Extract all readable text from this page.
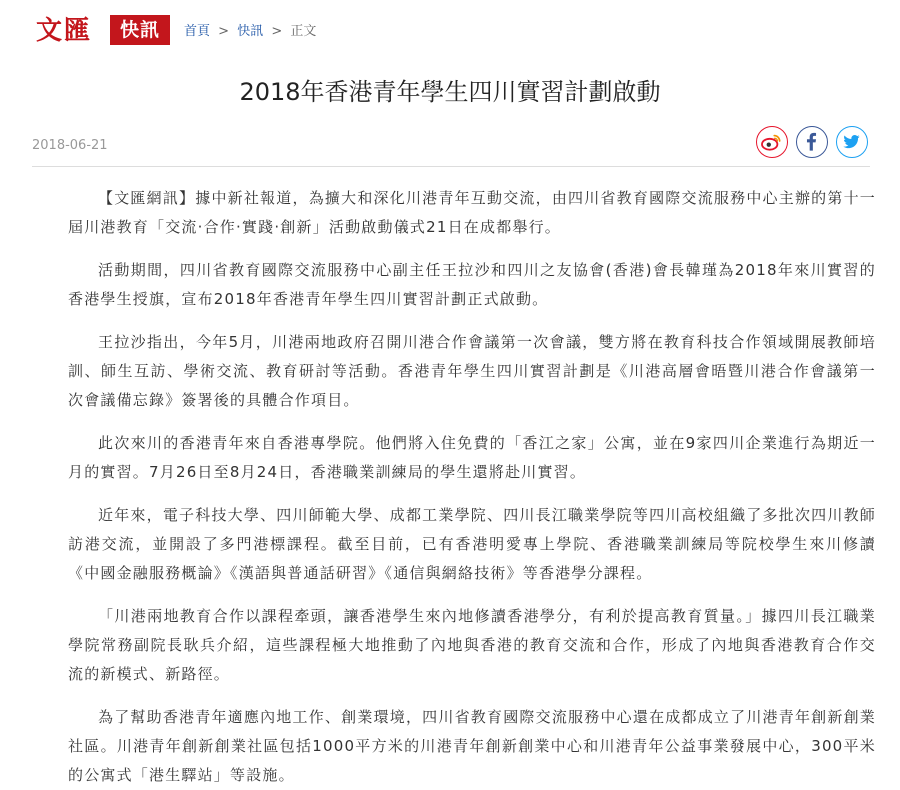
文匯	快訊	首頁 > 快訊 > 正文
2018年香港青年學生四川實習計劃啟動
2018-06-21

【文匯網訊】據中新社報道，為擴大和深化川港青年互動交流，由四川省教育國際交流服務中心主辦的第十一屆川港教育「交流·合作·實踐·創新」活動啟動儀式21日在成都舉行。

活動期間，四川省教育國際交流服務中心副主任王拉沙和四川之友協會(香港)會長韓瑾為2018年來川實習的香港學生授旗，宣布2018年香港青年學生四川實習計劃正式啟動。

王拉沙指出，今年5月，川港兩地政府召開川港合作會議第一次會議，雙方將在教育科技合作領域開展教師培訓、師生互訪、學術交流、教育研討等活動。香港青年學生四川實習計劃是《川港高層會晤暨川港合作會議第一次會議備忘錄》簽署後的具體合作項目。

此次來川的香港青年來自香港專學院。他們將入住免費的「香江之家」公寓，並在9家四川企業進行為期近一月的實習。7月26日至8月24日，香港職業訓練局的學生還將赴川實習。

近年來，電子科技大學、四川師範大學、成都工業學院、四川長江職業學院等四川高校組織了多批次四川教師訪港交流，並開設了多門港標課程。截至目前，已有香港明愛專上學院、香港職業訓練局等院校學生來川修讀《中國金融服務概論》《漢語與普通話研習》《通信與網絡技術》等香港學分課程。

「川港兩地教育合作以課程牽頭，讓香港學生來內地修讀香港學分，有利於提高教育質量。」據四川長江職業學院常務副院長耿兵介紹，這些課程極大地推動了內地與香港的教育交流和合作，形成了內地與香港教育合作交流的新模式、新路徑。

為了幫助香港青年適應內地工作、創業環境，四川省教育國際交流服務中心還在成都成立了川港青年創新創業社區。川港青年創新創業社區包括1000平方米的川港青年創新創業中心和川港青年公益事業發展中心，300平米的公寓式「港生驛站」等設施。
